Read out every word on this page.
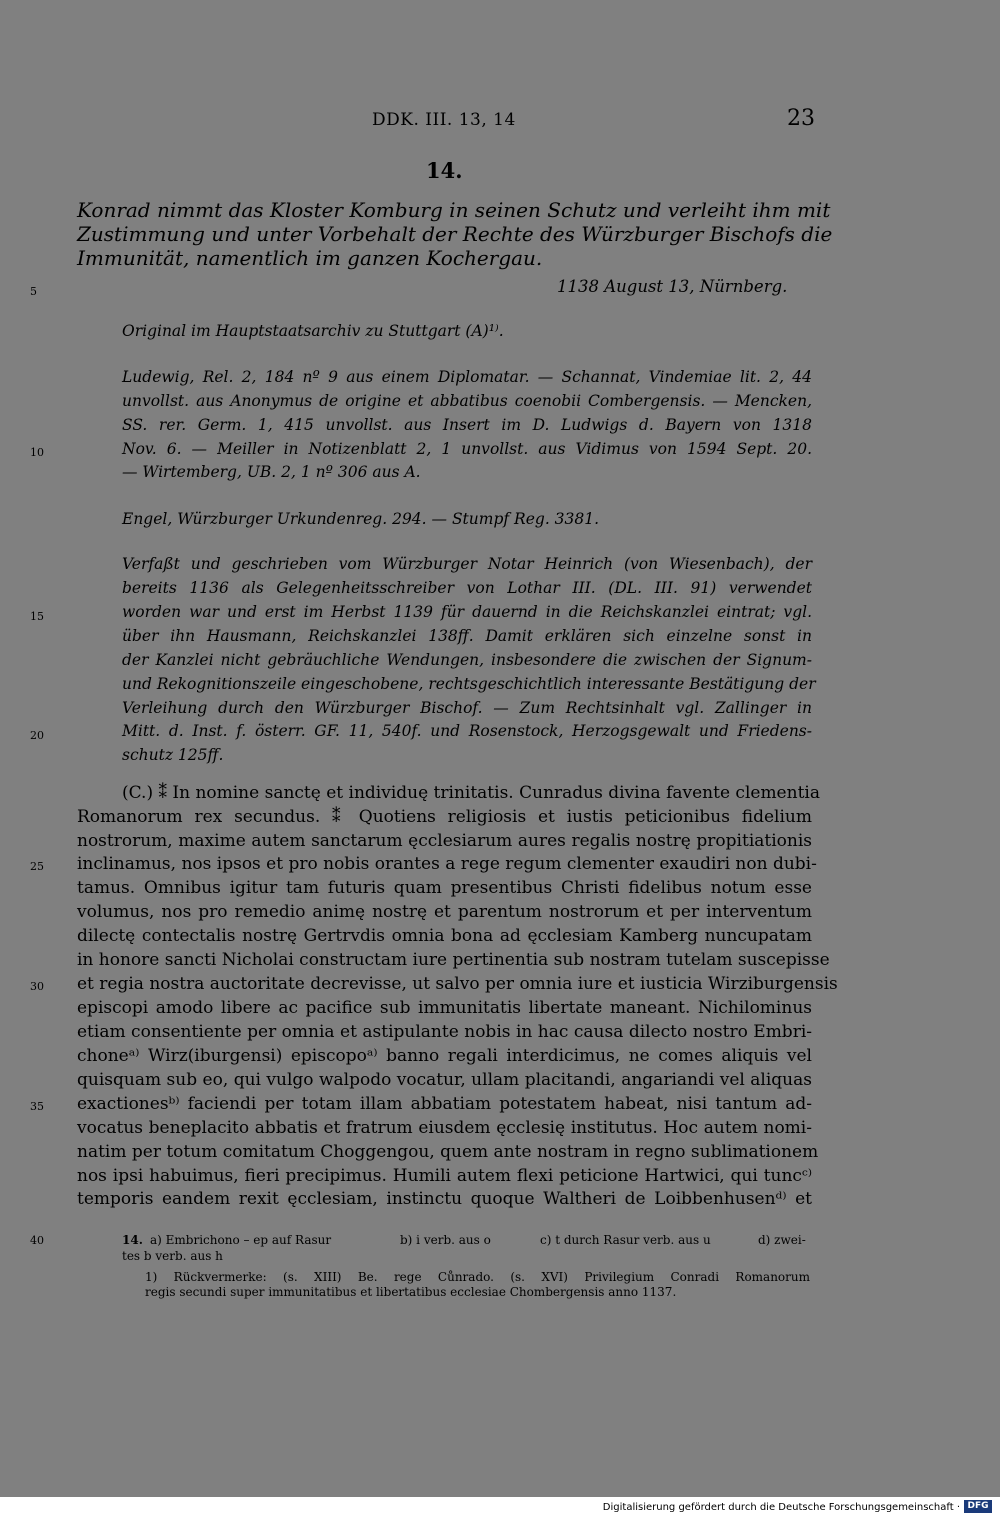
DDK. III. 13, 14	23
14.
Konrad nimmt das Kloster Komburg in seinen Schutz und verleiht ihm mit
Zustimmung und unter Vorbehalt der Rechte des Würzburger Bischofs die
Immunität, namentlich im ganzen Kochergau.
5	1138 August 13, Nürnberg.
Original im Hauptstaatsarchiv zu Stuttgart (A)¹⁾.
Ludewig, Rel. 2, 184 nº 9 aus einem Diplomatar. — Schannat, Vindemiae lit. 2, 44
unvollst. aus Anonymus de origine et abbatibus coenobii Combergensis. — Mencken,
SS. rer. Germ. 1, 415 unvollst. aus Insert im D. Ludwigs d. Bayern von 1318
10	Nov. 6. — Meiller in Notizenblatt 2, 1 unvollst. aus Vidimus von 1594 Sept. 20.
— Wirtemberg, UB. 2, 1 nº 306 aus A.
Engel, Würzburger Urkundenreg. 294. — Stumpf Reg. 3381.
Verfaßt und geschrieben vom Würzburger Notar Heinrich (von Wiesenbach), der
bereits 1136 als Gelegenheitsschreiber von Lothar III. (DL. III. 91) verwendet
15	worden war und erst im Herbst 1139 für dauernd in die Reichskanzlei eintrat; vgl.
über ihn Hausmann, Reichskanzlei 138ff. Damit erklären sich einzelne sonst in
der Kanzlei nicht gebräuchliche Wendungen, insbesondere die zwischen der Signum-
und Rekognitionszeile eingeschobene, rechtsgeschichtlich interessante Bestätigung der
Verleihung durch den Würzburger Bischof. — Zum Rechtsinhalt vgl. Zallinger in
20	Mitt. d. Inst. f. österr. GF. 11, 540f. und Rosenstock, Herzogsgewalt und Friedens-
schutz 125ff.
(C.) ⁑ In nomine sanctę et individuę trinitatis. Cunradus divina favente clementia
Romanorum rex secundus. ⁑ Quotiens religiosis et iustis peticionibus fidelium
nostrorum, maxime autem sanctarum ęcclesiarum aures regalis nostrę propitiationis
25 inclinamus, nos ipsos et pro nobis orantes a rege regum clementer exaudiri non dubi-
tamus. Omnibus igitur tam futuris quam presentibus Christi fidelibus notum esse
volumus, nos pro remedio animę nostrę et parentum nostrorum et per interventum
dilectę contectalis nostrę Gertrvdis omnia bona ad ęcclesiam Kamberg nuncupatam
in honore sancti Nicholai constructam iure pertinentia sub nostram tutelam suscepisse
30 et regia nostra auctoritate decrevisse, ut salvo per omnia iure et iusticia Wirziburgensis
episcopi amodo libere ac pacifice sub immunitatis libertate maneant. Nichilominus
etiam consentiente per omnia et astipulante nobis in hac causa dilecto nostro Embri-
choneᵃ⁾ Wirz(iburgensi) episcopoᵃ⁾ banno regali interdicimus, ne comes aliquis vel
quisquam sub eo, qui vulgo walpodo vocatur, ullam placitandi, angariandi vel aliquas
35 exactionesᵇ⁾ faciendi per totam illam abbatiam potestatem habeat, nisi tantum ad-
vocatus beneplacito abbatis et fratrum eiusdem ęcclesię institutus. Hoc autem nomi-
natim per totum comitatum Choggengou, quem ante nostram in regno sublimationem
nos ipsi habuimus, fieri precipimus. Humili autem flexi peticione Hartwici, qui tuncᶜ⁾
temporis eandem rexit ęcclesiam, instinctu quoque Waltheri de Loibbenhusenᵈ⁾ et
40	14. a) Embrichono – ep auf Rasur	b) i verb. aus o	c) t durch Rasur verb. aus u	d) zwei-
tes b verb. aus h
1) Rückvermerke: (s. XIII) Be. rege Cůnrado. (s. XVI) Privilegium Conradi Romanorum
regis secundi super immunitatibus et libertatibus ecclesiae Chombergensis anno 1137.
Digitalisierung gefördert durch die Deutsche Forschungsgemeinschaft · DFG
